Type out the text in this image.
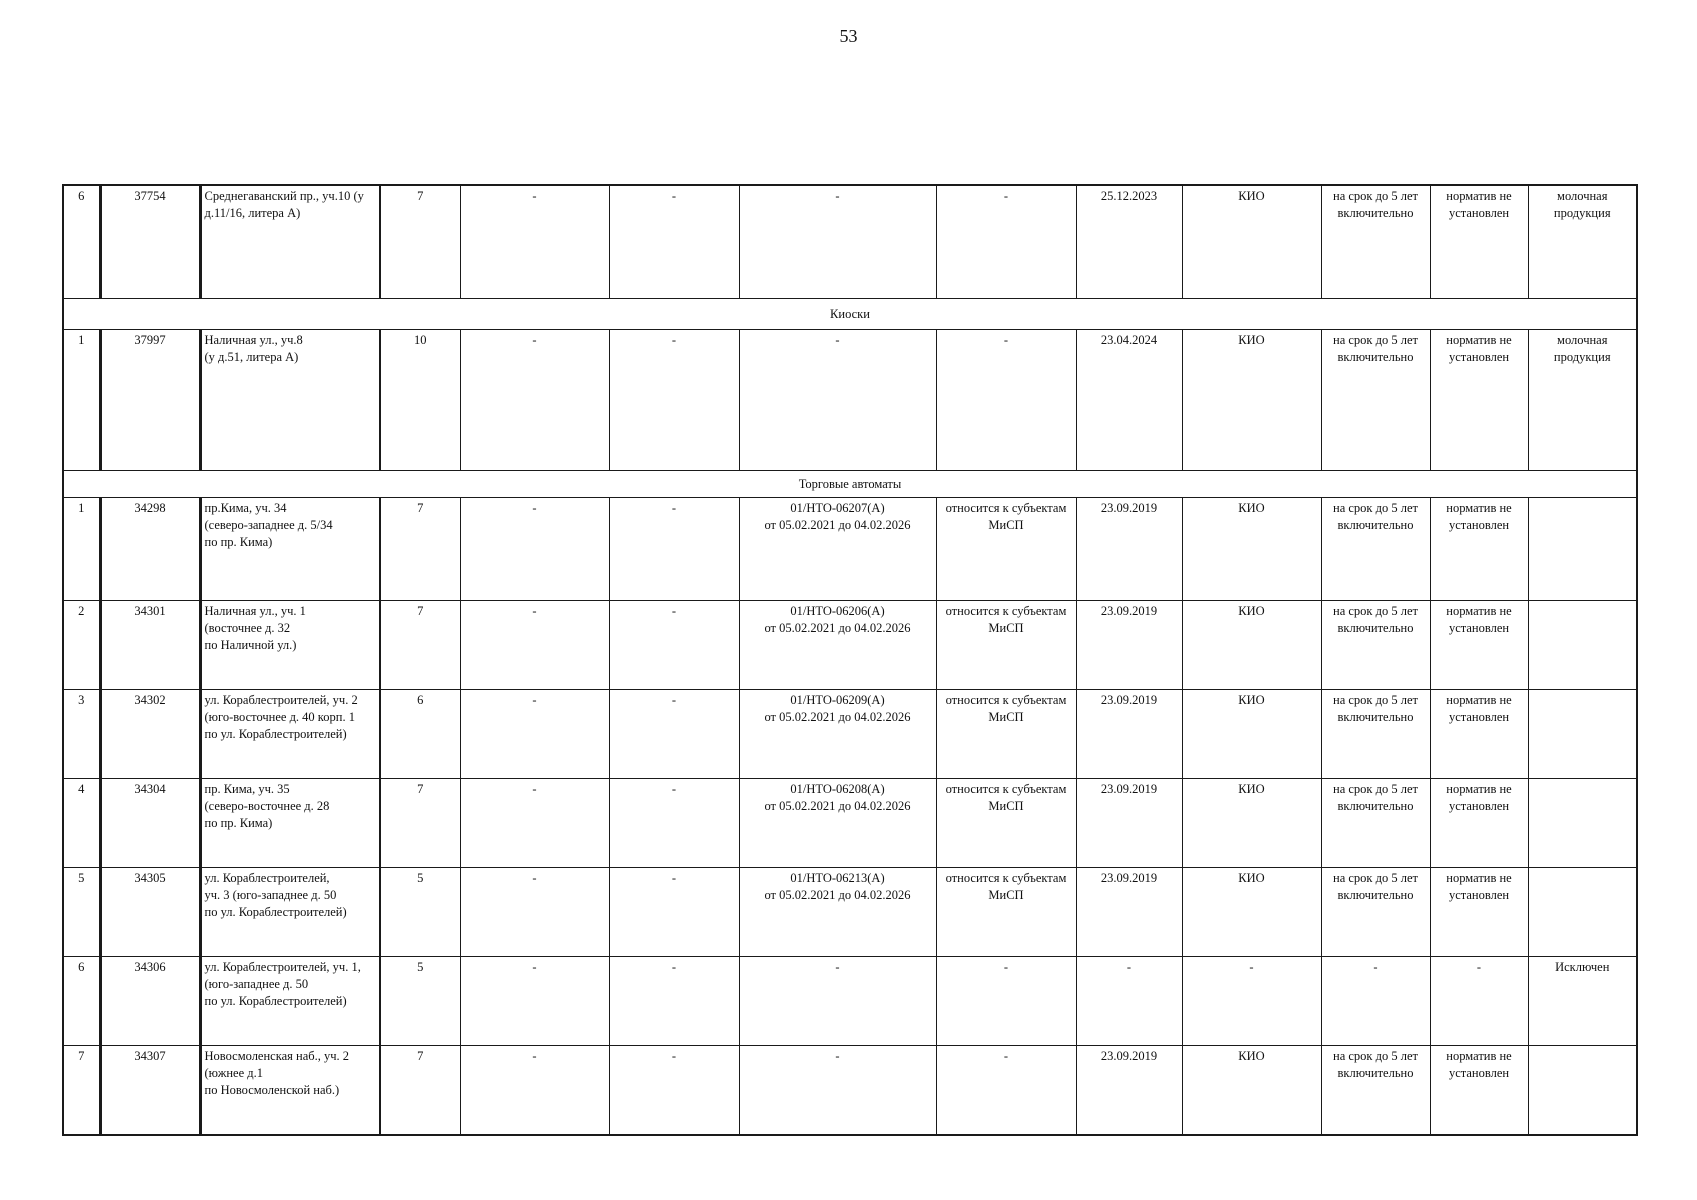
53
6	37754	Среднегаванский пр., уч.10 (у д.11/16, литера А)	7	-	-	-	-	25.12.2023	КИО	на срок до 5 лет включительно	норматив не установлен	молочная продукция
Киоски												
1	37997	Наличная ул., уч.8
(у д.51, литера А)	10	-	-	-	-	23.04.2024	КИО	на срок до 5 лет включительно	норматив не установлен	молочная продукция
Торговые автоматы												
1	34298	пр.Кима, уч. 34
(северо-западнее д. 5/34
по пр. Кима)	7	-	-	01/НТО-06207(А)
от 05.02.2021 до 04.02.2026	относится к субъектам МиСП	23.09.2019	КИО	на срок до 5 лет включительно	норматив не установлен	
2	34301	Наличная ул., уч. 1
(восточнее д. 32
по Наличной ул.)	7	-	-	01/НТО-06206(А)
от 05.02.2021 до 04.02.2026	относится к субъектам МиСП	23.09.2019	КИО	на срок до 5 лет включительно	норматив не установлен	
3	34302	ул. Кораблестроителей, уч. 2
(юго-восточнее д. 40 корп. 1
по ул. Кораблестроителей)	6	-	-	01/НТО-06209(А)
от 05.02.2021 до 04.02.2026	относится к субъектам МиСП	23.09.2019	КИО	на срок до 5 лет включительно	норматив не установлен	
4	34304	пр. Кима, уч. 35
(северо-восточнее д. 28
по пр. Кима)	7	-	-	01/НТО-06208(А)
от 05.02.2021 до 04.02.2026	относится к субъектам МиСП	23.09.2019	КИО	на срок до 5 лет включительно	норматив не установлен	
5	34305	ул. Кораблестроителей,
уч. 3 (юго-западнее д. 50
по ул. Кораблестроителей)	5	-	-	01/НТО-06213(А)
от 05.02.2021 до 04.02.2026	относится к субъектам МиСП	23.09.2019	КИО	на срок до 5 лет включительно	норматив не установлен	
6	34306	ул. Кораблестроителей, уч. 1,
(юго-западнее д. 50
по ул. Кораблестроителей)	5	-	-	-	-	-	-	-	-	Исключен
7	34307	Новосмоленская наб., уч. 2
(южнее д.1
по Новосмоленской наб.)	7	-	-	-	-	23.09.2019	КИО	на срок до 5 лет включительно	норматив не установлен	
